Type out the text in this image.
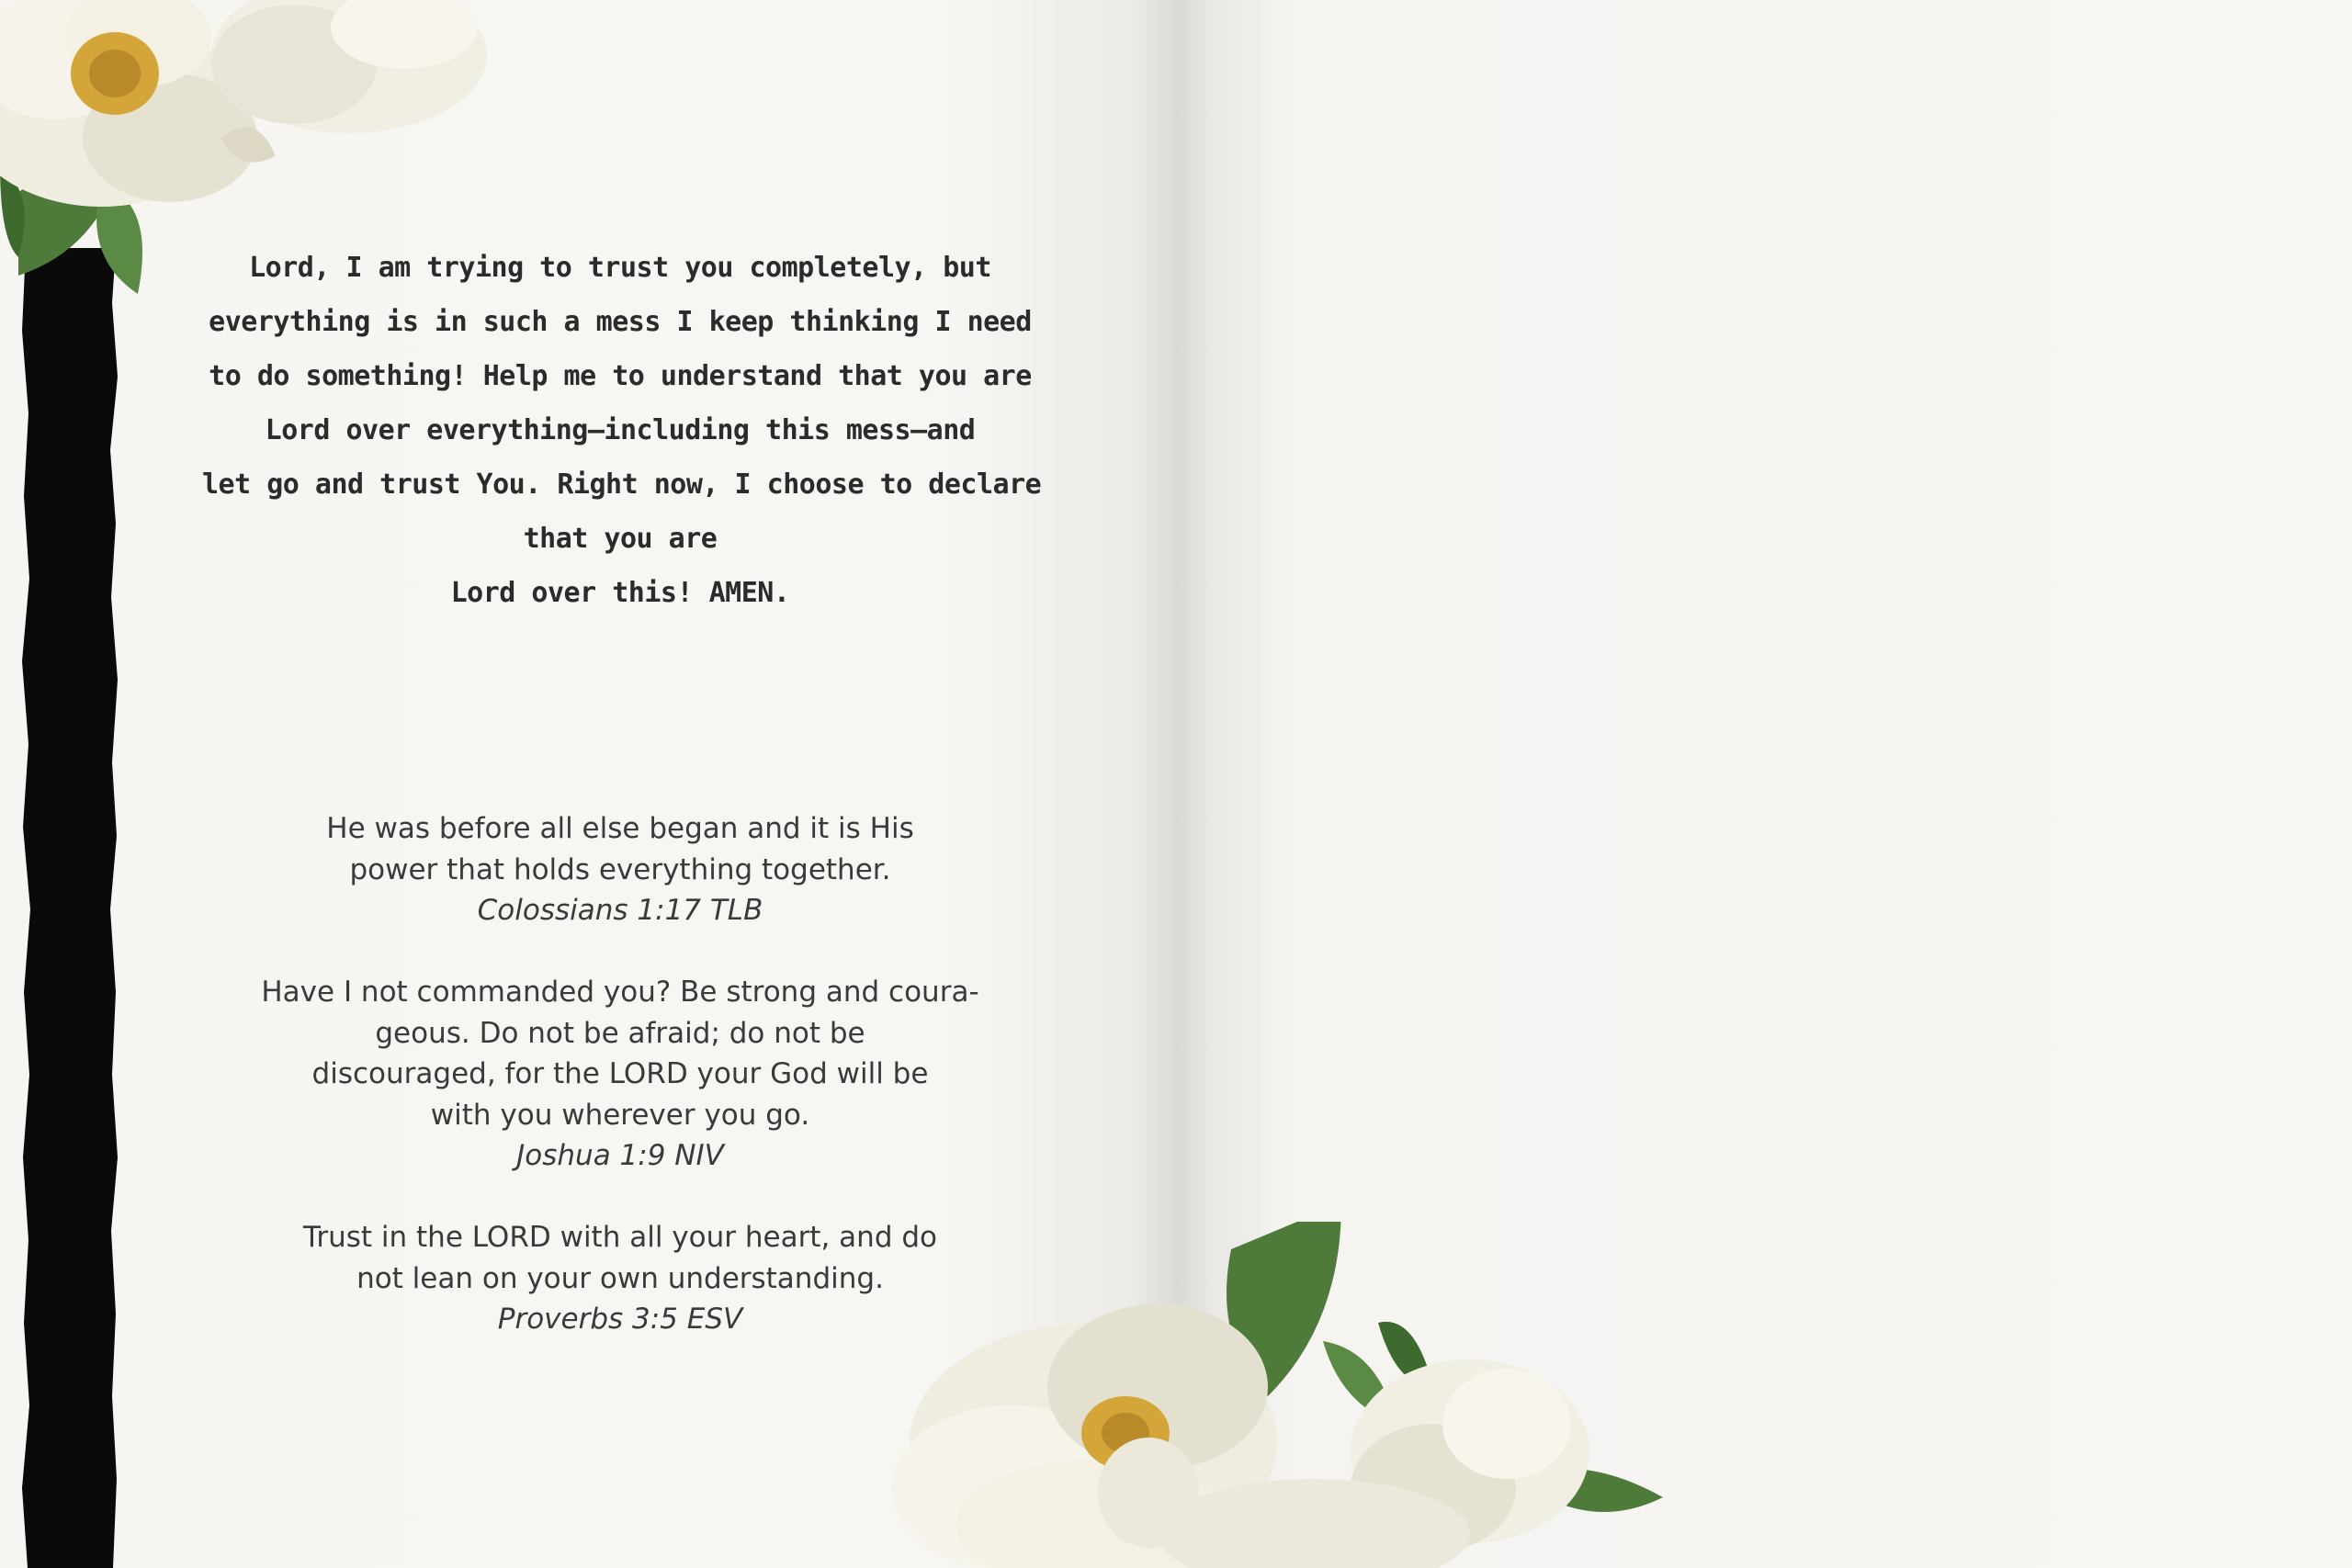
Lord, I am trying to trust you completely, but
everything is in such a mess I keep thinking I need
to do something! Help me to understand that you are
Lord over everything—including this mess—and
let go and trust You. Right now, I choose to declare
that you are
Lord over this! AMEN.
He was before all else began and it is His
power that holds everything together.
Colossians 1:17 TLB
Have I not commanded you? Be strong and coura-
geous. Do not be afraid; do not be
discouraged, for the LORD your God will be
with you wherever you go.
Joshua 1:9 NIV
Trust in the LORD with all your heart, and do
not lean on your own understanding.
Proverbs 3:5 ESV
